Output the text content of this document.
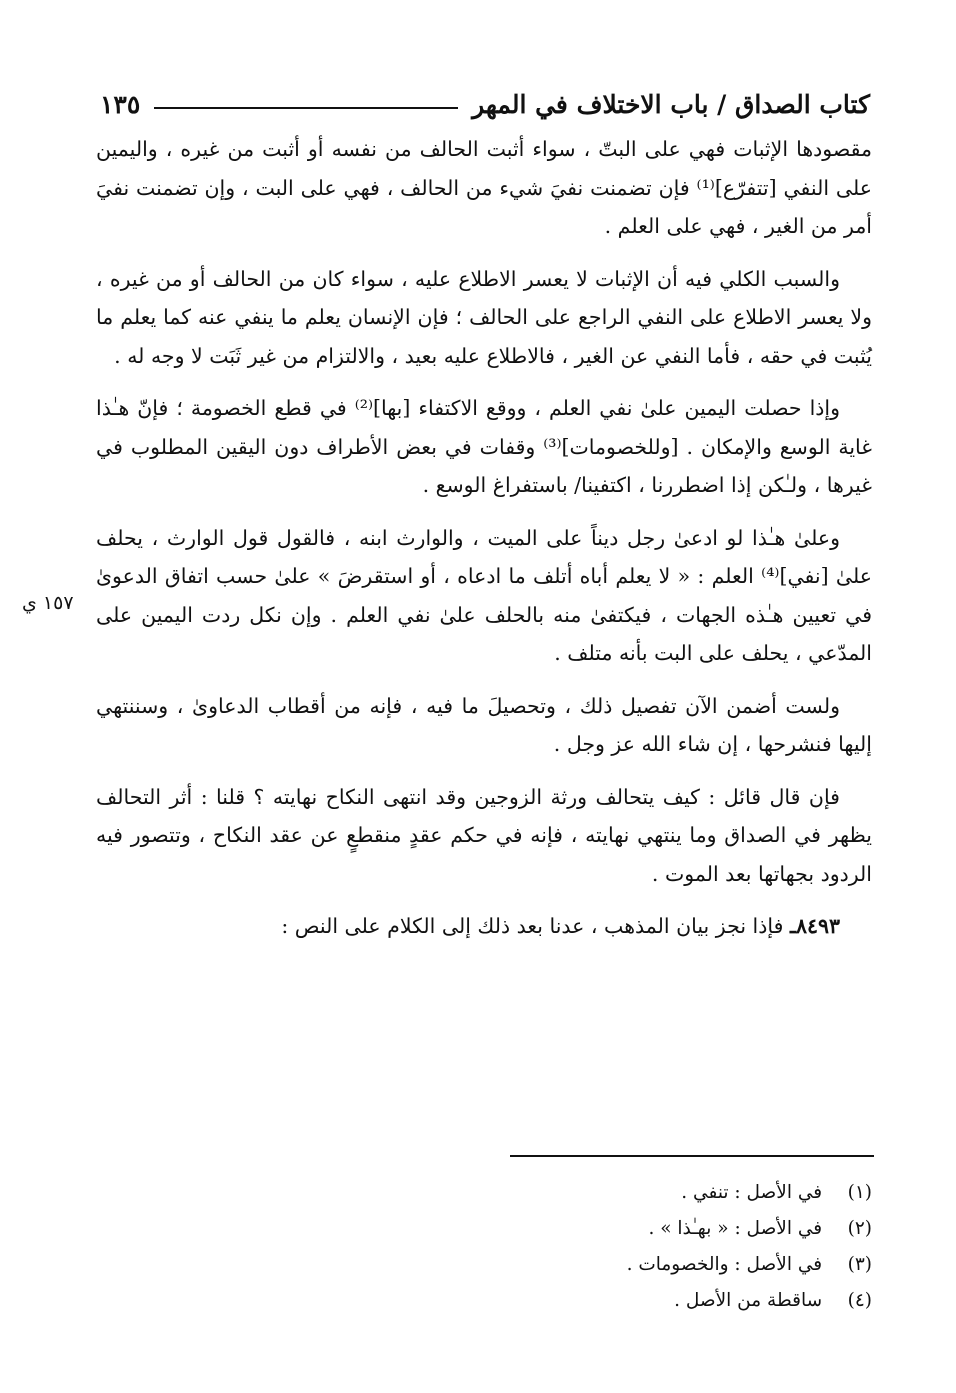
كتاب الصداق / باب الاختلاف في المهر
١٣٥
١٥٧ ي

مقصودها الإثبات فهي على البتّ ، سواء أثبت الحالف من نفسه أو أثبت من غيره ، واليمين على النفي [تتفرّع]⁽¹⁾ فإن تضمنت نفيَ شيء من الحالف ، فهي على البت ، وإن تضمنت نفيَ أمر من الغير ، فهي على العلم .

والسبب الكلي فيه أن الإثبات لا يعسر الاطلاع عليه ، سواء كان من الحالف أو من غيره ، ولا يعسر الاطلاع على النفي الراجع على الحالف ؛ فإن الإنسان يعلم ما ينفي عنه كما يعلم ما يُثبت في حقه ، فأما النفي عن الغير ، فالاطلاع عليه بعيد ، والالتزام من غير ثَبَت لا وجه له .

وإذا حصلت اليمين علىٰ نفي العلم ، ووقع الاكتفاء [بها]⁽²⁾ في قطع الخصومة ؛ فإنّ هـٰذا غاية الوسع والإمكان . [وللخصومات]⁽³⁾ وقفات في بعض الأطراف دون اليقين المطلوب في غيرها ، ولـٰكن إذا اضطررنا ، اكتفينا/ باستفراغ الوسع .

وعلىٰ هـٰذا لو ادعىٰ رجل ديناً على الميت ، والوارث ابنه ، فالقول قول الوارث ، يحلف علىٰ [نفي]⁽⁴⁾ العلم : « لا يعلم أباه أتلف ما ادعاه ، أو استقرضَ » علىٰ حسب اتفاق الدعوىٰ في تعيين هـٰذه الجهات ، فيكتفىٰ منه بالحلف علىٰ نفي العلم . وإن نكل ردت اليمين على المدّعي ، يحلف على البت بأنه متلف .

ولست أضمن الآن تفصيل ذلك ، وتحصيلَ ما فيه ، فإنه من أقطاب الدعاوىٰ ، وسننتهي إليها فنشرحها ، إن شاء الله عز وجل .

فإن قال قائل : كيف يتحالف ورثة الزوجين وقد انتهى النكاح نهايته ؟ قلنا : أثر التحالف يظهر في الصداق وما ينتهي نهايته ، فإنه في حكم عقدٍ منقطعٍ عن عقد النكاح ، وتتصور فيه الردود بجهاتها بعد الموت .

٨٤٩٣ـ فإذا نجز بيان المذهب ، عدنا بعد ذلك إلى الكلام على النص :

(١) في الأصل : تنفي .
(٢) في الأصل : « بهـٰذا » .
(٣) في الأصل : والخصومات .
(٤) ساقطة من الأصل .
